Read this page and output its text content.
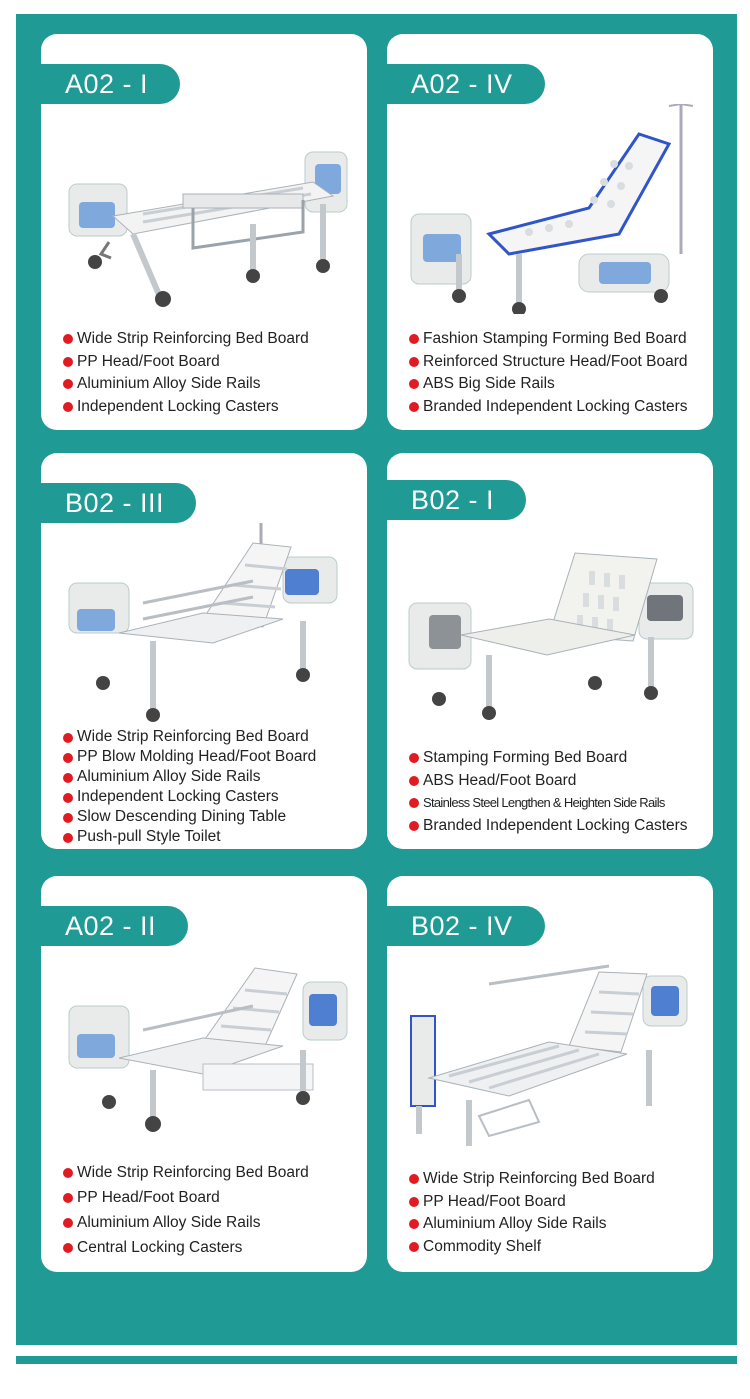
A02 - I
Wide Strip Reinforcing Bed Board
PP Head/Foot Board
Aluminium Alloy Side Rails
Independent Locking Casters
A02 - IV
Fashion Stamping Forming Bed Board
Reinforced Structure Head/Foot Board
ABS Big Side Rails
Branded Independent Locking Casters
B02 - III
Wide Strip Reinforcing Bed Board
PP Blow Molding Head/Foot Board
Aluminium Alloy Side Rails
Independent Locking Casters
Slow Descending Dining Table
Push-pull Style Toilet
B02 - I
Stamping Forming Bed Board
ABS Head/Foot Board
Stainless Steel Lengthen & Heighten Side Rails
Branded Independent Locking Casters
A02 - II
Wide Strip Reinforcing Bed Board
PP Head/Foot Board
Aluminium Alloy Side Rails
Central Locking Casters
B02 - IV
Wide Strip Reinforcing Bed Board
PP Head/Foot Board
Aluminium Alloy Side Rails
Commodity Shelf
